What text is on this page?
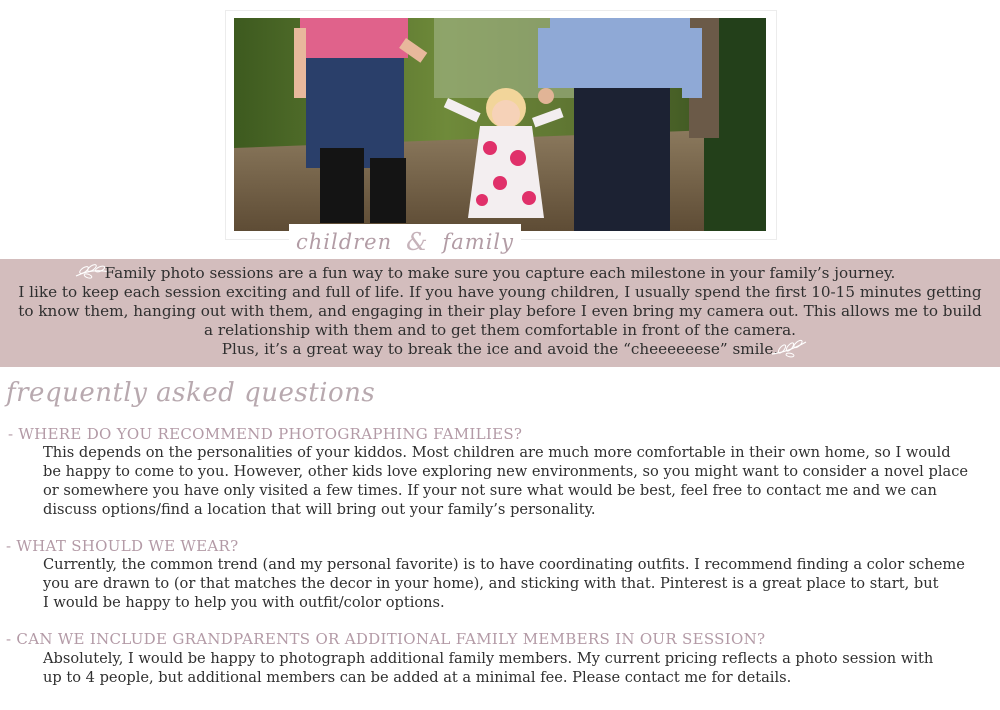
children & family
Family photo sessions are a fun way to make sure you capture each milestone in your family’s journey.
I like to keep each session exciting and full of life. If you have young children, I usually spend the first 10-15 minutes getting
to know them, hanging out with them, and engaging in their play before I even bring my camera out. This allows me to build
a relationship with them and to get them comfortable in front of the camera.
Plus, it’s a great way to break the ice and avoid the “cheeeeeese” smile.
frequently asked questions
- WHERE DO YOU RECOMMEND PHOTOGRAPHING FAMILIES?
This depends on the personalities of your kiddos. Most children are much more comfortable in their own home, so I would
be happy to come to you. However, other kids love exploring new environments, so you might want to consider a novel place
or somewhere you have only visited a few times. If your not sure what would be best, feel free to contact me and we can
discuss options/find a location that will bring out your family’s personality.
- WHAT SHOULD WE WEAR?
Currently, the common trend (and my personal favorite) is to have coordinating outfits. I recommend finding a color scheme
you are drawn to (or that matches the decor in your home), and sticking with that. Pinterest is a great place to start, but
I would be happy to help you with outfit/color options.
- CAN WE INCLUDE GRANDPARENTS OR ADDITIONAL FAMILY MEMBERS IN OUR SESSION?
Absolutely, I would be happy to photograph additional family members. My current pricing reflects a photo session with
up to 4 people, but additional members can be added at a minimal fee. Please contact me for details.
